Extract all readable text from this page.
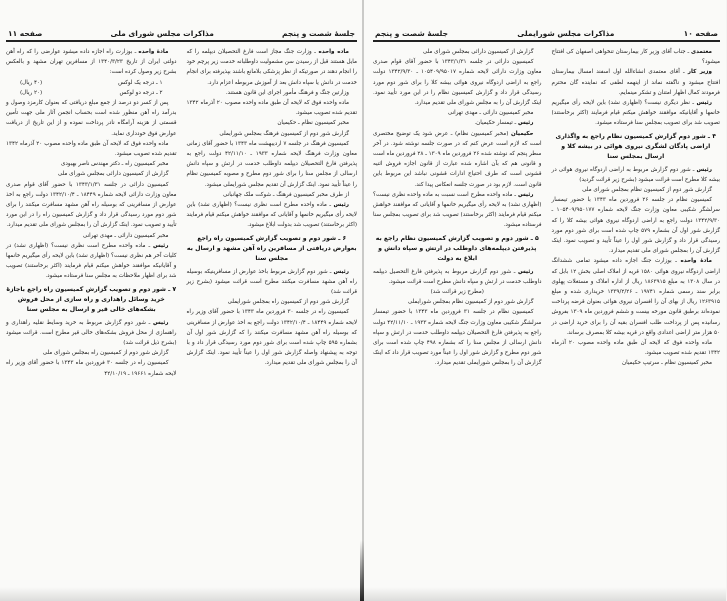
جلسهٔ شصت و پنجم
مذاکرات مجلس شورای ملی
صفحه ۱۱

ماده واحده ـ وزارت جنگ مجاز است فارغ التحصیلان دیپلمه را که مایل هستند قبل از رسیدن سن مشمولیت داوطلبانه خدمت زیر پرچم خود را انجام دهند در صورتیکه از نظر پزشکی بلامانع باشند بپذیرفته برای انجام خدمت در دانش یا سپاه دانش بعد از آموزش مربوطه اعزام دارد.

وزارتین جنگ و فرهنگ مأمور اجرای این قانون هستند.

ماده واحده فوق که لایحه آن طبق ماده واحده مصوب ۲۰ آذرماه ۱۳۴۲ تقدیم شده تصویب میشود.

مخبر کمیسیون نظام ـ حکیمیان

گزارش شور دوم از کمیسیون فرهنگ بمجلس شورایملی

کمیسیون فرهنگ در جلسه ۷ اردیبهشت ماه ۱۳۴۳ با حضور آقای زمانی معاون وزارت فرهنگ لایحه شماره ۱۹۳۳ ـ ۴۲/۱۱/۱۰ دولت راجع به پذیرفتن فارغ التحصیلان دیپلمه داوطلب خدمت در ارتش و سپاه دانش ارسالی از مجلس سنا را برای شور دوم مطرح و مصوبه کمیسیون نظام را عیناً تأیید نمود. اینک گزارش آن تقدیم مجلس شورایملی میشود.

از طرف مخبر کمیسیون فرهنگ ـ شوکت ملک جهانبانی

رئیس ـ ماده واحده مطرح است نظری نیست؟ (اظهاری نشد) باین لایحه رأی میگیریم خانمها و آقایانی که موافقند خواهش میکنم قیام فرمایند (اکثر برخاستند) تصویب شد بدولت ابلاغ میشود.

۶ ـ شور دوم و تصویب گزارش کمیسیون راه راجع بعوارض دریافتی از مسافرین راه آهن مشهد و ارسال به مجلس سنا

رئیس ـ شور دوم گزارش مربوط باخذ عوارض از مسافرینیکه بوسیله راه آهن مشهد مسافرت میکنند مطرح است قرائت میشود (بشرح زیر قرائت شد)

گزارش شور دوم از کمیسیون راه بمجلس شورایملی

کمیسیون راه در جلسه ۳۰ فروردین ماه ۱۳۴۳ با حضور آقای وزیر راه لایحه شماره ۱۸۴۴۹ ـ ۱۳۴۲/۱۰/۴ دولت راجع به اخذ عوارض از مسافرینی که بوسیله راه آهن مشهد مسافرت میکنند را که گزارش شور اول آن بشماره ۵۹۵ چاپ شده است برای شور دوم مورد رسیدگی قرار داد و با توجه به پیشنهاد واصله گزارش شور اول را عیناً تأیید نمود. اینک گزارش آن را بمجلس شورای ملی تقدیم میدارد.

مادهٔ واحده ـ بوزارت راه اجازه داده میشود عوارضی را که راه آهن دولتی ایران از تاریخ ۱۳۴۰/۳/۲۳ از مسافرین تهران مشهد و بالعکس بشرح زیر وصول کرده است:

۱ ـ درجه یک لوکس
(۴۰ ریال)
۲ ـ درجه دو لوکس
(۲۰ ریال)

پس از کسر دو درصد از جمع مبلغ دریافتی که بعنوان کارمزد وصول و بدرآمد راه آهن منظور شده است بحساب انجمن آثار ملی جهت تأمین قسمتی از هزینه آرامگاه نادر پرداخت نموده و از این تاریخ از دریافت عوارض فوق خودداری نماید.

ماده واحده فوق که لایحه آن طبق ماده واحده مصوب ۲۰ آذرماه ۱۳۴۲ تقدیم شده تصویب میشود.

مخبر کمیسیون راه ـ دکتر مهندس ناصر بهبودی

گزارش از کمیسیون دارائی بمجلس شورای ملی

کمیسیون دارائی در جلسه ۱۳۴۳/۱/۳۱ با حضور آقای قوام صدری معاون وزارت دارائی لایحه شماره ۱۸۴۴۹ ـ ۱۳۴۲/۱۰/۴ دولت راجع به اخذ عوارض از مسافرینی که بوسیله راه آهن مشهد مسافرت میکنند را برای شور دوم مورد رسیدگی قرار داد و گزارش کمیسیون راه را در این مورد تأیید و تصویب نمود. اینک گزارش آن را بمجلس شورای ملی تقدیم میدارد.

مخبر کمیسیون دارائی ـ مهدی تهرانی

رئیس ـ ماده واحده مطرح است نظری نیست؟ (اظهاری نشد) در کلیات آخر هم نظری نیست؟ (اظهاری نشد) باین لایحه رأی میگیریم خانمها و آقایانیکه موافقند خواهش میکنم قیام فرمایند (اکثر برخاستند) تصویب شد برای اظهار ملاحظات به مجلس سنا فرستاده میشود.

۷ ـ شور دوم و تصویب گزارش کمیسیون راه راجع باجازهٔ خرید وسائل راهداری و راه سازی از محل فروش بشکه‌های خالی قیر و ارسال به مجلس سنا

رئیس ـ شور دوم گزارش مربوط به خرید وسایط نقلیه راهداری و راهسازی از محل فروش بشکه‌های خالی قیر مطرح است. قرائت میشود (بشرح ذیل قرائت شد)

گزارش شور دوم از کمیسیون راه بمجلس شورای ملی

کمیسیون راه در جلسه ۳۰ فروردین ماه ۱۳۴۳ با حضور آقای وزیر راه لایحه شماره ۱۹۶۶۱ ـ ۴۲/۱۰/۱۹

صفحه ۱۰
مذاکرات مجلس شورایملی
جلسهٔ شصت و پنجم

معتمدی ـ جناب آقای وزیر کار بیمارستان تنخواهی اصفهان کی افتتاح میشود؟

وزیر کار ـ آقای معتمدی انشاءالله اول اسفند امسال بیمارستان افتتاح میشود و ناگفته نماند از اینهمه لطفی که نماینده گان محترم فرمودند کمال اظهار امتنان و تشکر مینمایم.

رئیس ـ نظر دیگری نیست؟ (اظهاری نشد) باین لایحه رأی میگیریم خانمها و آقایانیکه موافقند خواهش میکنم قیام فرمایند (اکثر برخاستند) تصویب شد برای تصویب بمجلس سنا فرستاده میشود.

۴ ـ شور دوم گزارش کمیسیون نظام راجع به واگذاری اراضی پادگان لشگری نیروی هوائی در بیشه کلا و ارسال بمجلس سنا

رئیس ـ شور دوم گزارش مربوط به اراضی اردوگاه نیروی هوائی در بیشه کلا مطرح است قرائت میشود (بشرح زیر قرائت گردید)

گزارش شور دوم از کمیسیون نظام بمجلس شورای ملی

کمیسیون نظام در جلسه ۲۶ فروردین ماه ۱۳۴۳ با حضور تیمسار سرلشگر شکیبی معاون وزارت جنگ لایحه شماره ۱۰۵۴۰۹/۹۵۰۱۷۷ ـ ۱۳۴۲/۹/۳۰ دولت راجع به اراضی اردوگاه نیروی هوائی بیشه کلا را که گزارش شور اول آن بشماره ۵۷۹ چاپ شده است برای شور دوم مورد رسیدگی قرار داد و گزارش شور اول را عیناً تأیید و تصویب نمود. اینک گزارش آن را بمجلس شورای ملی تقدیم میدارد.

مادهٔ واحده ـ بوزارت جنگ اجازه داده میشود تمامی ششدانگ اراضی اردوگاه نیروی هوائی ۱۵۸۰ قریه از املاک اصلی بخش ۱۲ بابل که در سال ۱۳۰۸ به مبلغ ۱۸۶۳۹۱۵ ریال از اداره املاک و مستغلات پهلوی برابر سند رسمی شماره ۱۹۷۴۱ ـ ۱۳۳۹/۲/۲۶ خریداری شده و مبلغ ۱۲۶۳۹۱۵ ریال از بهای آن را افسران نیروی هوائی بعنوان قرضه پرداخت نموده‌اند برطبق قانون مورخه بیست و ششم فروردین ماه ۱۳۰۹ بفروش رسانیده پس از پرداخت طلب افسران بقیه آن را برای خرید اراضی در ۵۰ هزار متر اراضی اعدادی واقع در قریه بیشه کلا بمصرف برساند.

ماده واحده فوق که لایحه آن طبق ماده واحده مصوب ۲۰ آذرماه ۱۳۴۲ تقدیم شده تصویب میشود.

مخبر کمیسیون نظام ـ سرتیپ حکیمیان

گزارش از کمیسیون دارائی بمجلس شورای ملی

کمیسیون دارائی در جلسه ۱۳۴۳/۱/۳۱ با حضور آقای قوام صدری معاون وزارت دارائی لایحه شماره ۱۰۵۴۰۹/۹۵۰۱۷ ـ ۱۳۴۲/۹/۳۰ دولت راجع به اراضی اردوگاه نیروی هوائی بیشه کلا را برای شور دوم مورد رسیدگی قرار داد و گزارش کمیسیون نظام را در این مورد تأیید نمود. اینک گزارش آن را به مجلس شورای ملی تقدیم میدارد.

مخبر کمیسیون دارائی ـ مهدی تهرانی

رئیس ـ تیمسار حکیمیان.

حکیمیان (مخبر کمیسیون نظام) ـ عرض شود یک توضیح مختصری است که لازم است عرض کنم که در صورت جلسه نوشته شود. در آخر سطر پنجم که نوشته شده ۲۶ فروردین ماه ۱۳۰۹ ـ ۲۸ فروردین ماه است و قانونی هم که بآن اشاره شده عبارت از قانون اجازه فروش اثنیه قشونی است که طرف احتیاج ادارات قشونی نباشد این مربوط باین قانون است. لازم بود در صورت جلسه انعکاس پیدا کند.

رئیس ـ ماده واحده مطرح است نسبت به ماده واحده نظری نیست؟ (اظهاری نشد) به لایحه رأی میگیریم خانمها و آقایانی که موافقند خواهش میکنم قیام فرمایند (اکثر برخاستند) تصویب شد برای تصویب بمجلس سنا فرستاده میشود.

۵ ـ شور دوم و تصویب گزارش کمیسیون نظام راجع به پذیرفتن دیپلمه‌های داوطلب در ارتش و سپاه دانش و ابلاغ به دولت

رئیس ـ شور دوم گزارش مربوط به پذیرفتن فارغ التحصیل دیپلمه داوطلب خدمت در ارتش و سپاه دانش مطرح است قرائت میشود.

(مطرح زیر قرائت شد)

گزارش شور دوم از کمیسیون نظام بمجلس شورایملی

کمیسیون نظام در جلسه ۳۱ فروردین ماه ۱۳۴۳ با حضور تیمسار سرلشگر شکیبی معاون وزارت جنگ لایحه شماره ۱۹۳۳ ـ ۴۲/۱۱/۱۰ دولت راجع به پذیرفتن فارغ التحصیلان دیپلمه داوطلب خدمت در ارتش و سپاه دانش ارسالی از مجلس سنا را که بشماره ۴۹۸ چاپ شده است برای شور دوم مطرح و گزارش شور اول را عیناً مورد تصویب قرار داد که اینک گزارش آن را بمجلس شورایملی تقدیم میدارد.
